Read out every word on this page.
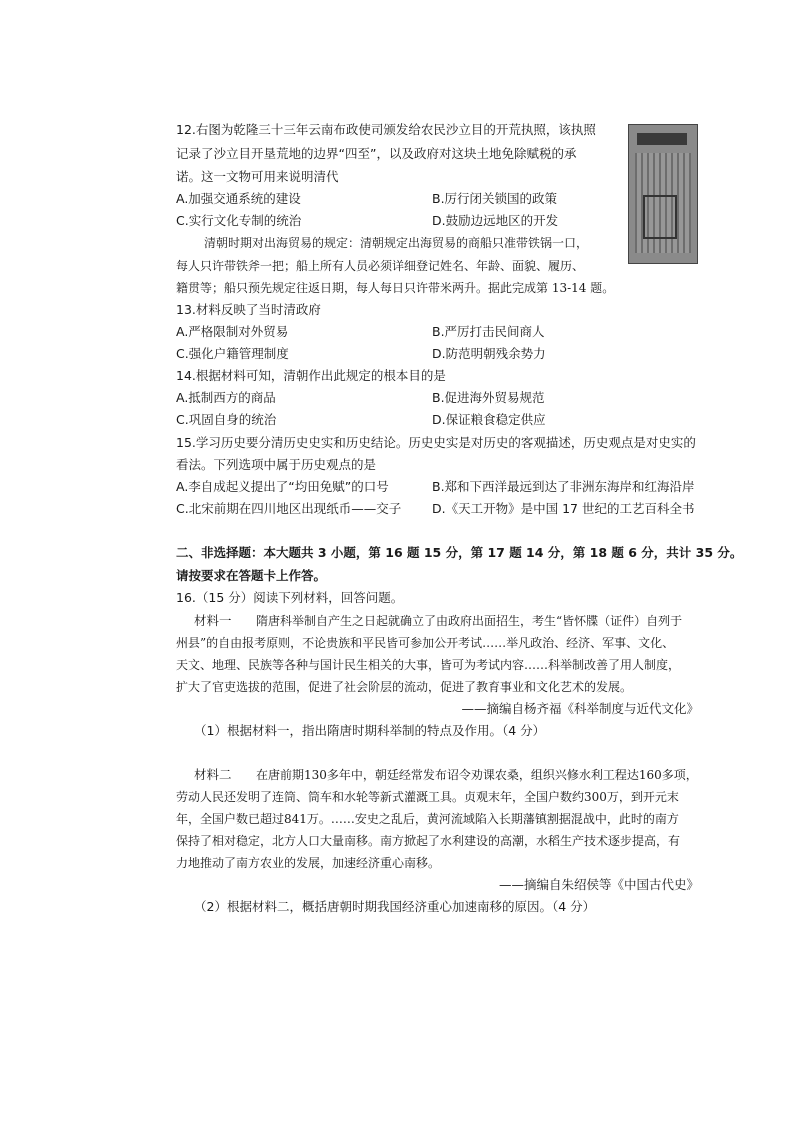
12.右图为乾隆三十三年云南布政使司颁发给农民沙立目的开荒执照，该执照
记录了沙立目开垦荒地的边界“四至”，以及政府对这块土地免除赋税的承
诺。这一文物可用来说明清代
A.加强交通系统的建设	B.厉行闭关锁国的政策
C.实行文化专制的统治	D.鼓励边远地区的开发
清朝时期对出海贸易的规定：清朝规定出海贸易的商船只准带铁锅一口，
每人只许带铁斧一把；船上所有人员必须详细登记姓名、年龄、面貌、履历、
籍贯等；船只预先规定往返日期，每人每日只许带米两升。据此完成第 13-14 题。
13.材料反映了当时清政府
A.严格限制对外贸易	B.严厉打击民间商人
C.强化户籍管理制度	D.防范明朝残余势力
14.根据材料可知，清朝作出此规定的根本目的是
A.抵制西方的商品	B.促进海外贸易规范
C.巩固自身的统治	D.保证粮食稳定供应
15.学习历史要分清历史史实和历史结论。历史史实是对历史的客观描述，历史观点是对史实的
看法。下列选项中属于历史观点的是
A.李自成起义提出了“均田免赋”的口号	B.郑和下西洋最远到达了非洲东海岸和红海沿岸
C.北宋前期在四川地区出现纸币——交子 D.《天工开物》是中国 17 世纪的工艺百科全书
二、非选择题：本大题共 3 小题，第 16 题 15 分，第 17 题 14 分，第 18 题 6 分，共计 35 分。
请按要求在答题卡上作答。
16.（15 分）阅读下列材料，回答问题。
材料一 隋唐科举制自产生之日起就确立了由政府出面招生，考生“皆怀牒（证件）自列于
州县”的自由报考原则，不论贵族和平民皆可参加公开考试……举凡政治、经济、军事、文化、
天文、地理、民族等各种与国计民生相关的大事，皆可为考试内容……科举制改善了用人制度，
扩大了官吏选拔的范围，促进了社会阶层的流动，促进了教育事业和文化艺术的发展。
——摘编自杨齐福《科举制度与近代文化》
（1）根据材料一，指出隋唐时期科举制的特点及作用。（4 分）
材料二 在唐前期130多年中，朝廷经常发布诏令劝课农桑，组织兴修水利工程达160多项，
劳动人民还发明了连筒、筒车和水轮等新式灌溉工具。贞观末年，全国户数约300万，到开元末
年，全国户数已超过841万。……安史之乱后，黄河流域陷入长期藩镇割据混战中，此时的南方
保持了相对稳定，北方人口大量南移。南方掀起了水利建设的高潮，水稻生产技术逐步提高，有
力地推动了南方农业的发展，加速经济重心南移。
——摘编自朱绍侯等《中国古代史》
（2）根据材料二，概括唐朝时期我国经济重心加速南移的原因。（4 分）
